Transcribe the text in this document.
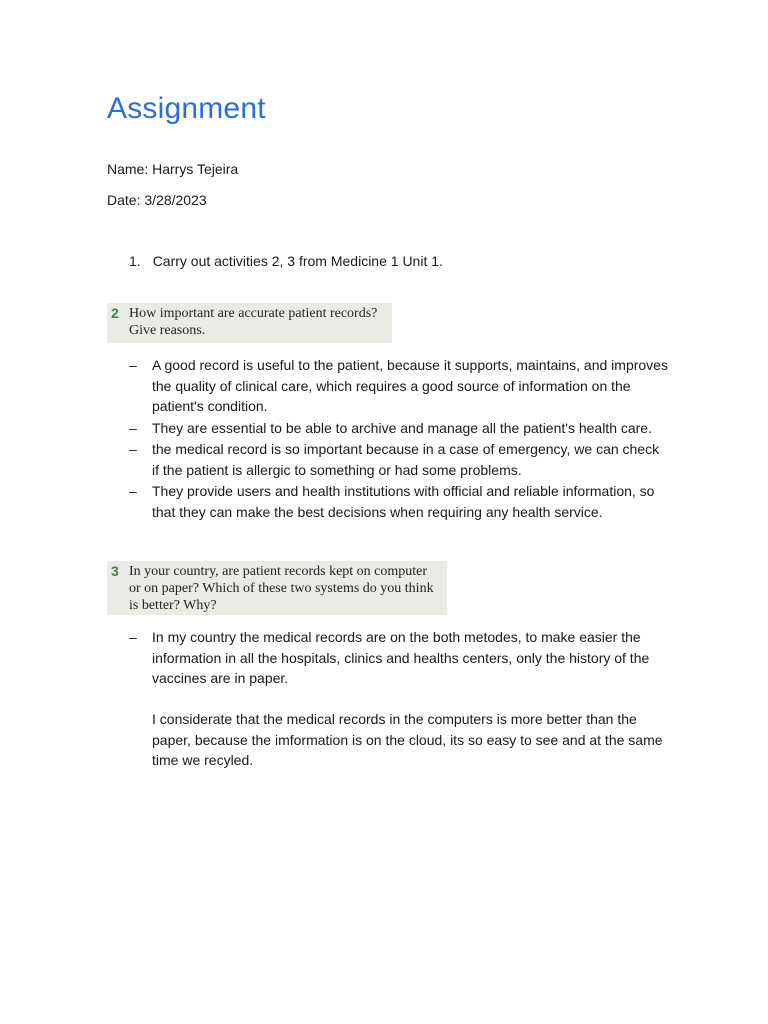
Assignment
Name: Harrys Tejeira
Date: 3/28/2023
1. Carry out activities 2, 3 from Medicine 1 Unit 1.
2 How important are accurate patient records?
Give reasons.
– A good record is useful to the patient, because it supports, maintains, and improves the quality of clinical care, which requires a good source of information on the patient's condition.
– They are essential to be able to archive and manage all the patient's health care.
– the medical record is so important because in a case of emergency, we can check if the patient is allergic to something or had some problems.
– They provide users and health institutions with official and reliable information, so that they can make the best decisions when requiring any health service.
3 In your country, are patient records kept on computer
or on paper? Which of these two systems do you think
is better? Why?
– In my country the medical records are on the both metodes, to make easier the information in all the hospitals, clinics and healths centers, only the history of the vaccines are in paper.

I considerate that the medical records in the computers is more better than the paper, because the imformation is on the cloud, its so easy to see and at the same time we recyled.
